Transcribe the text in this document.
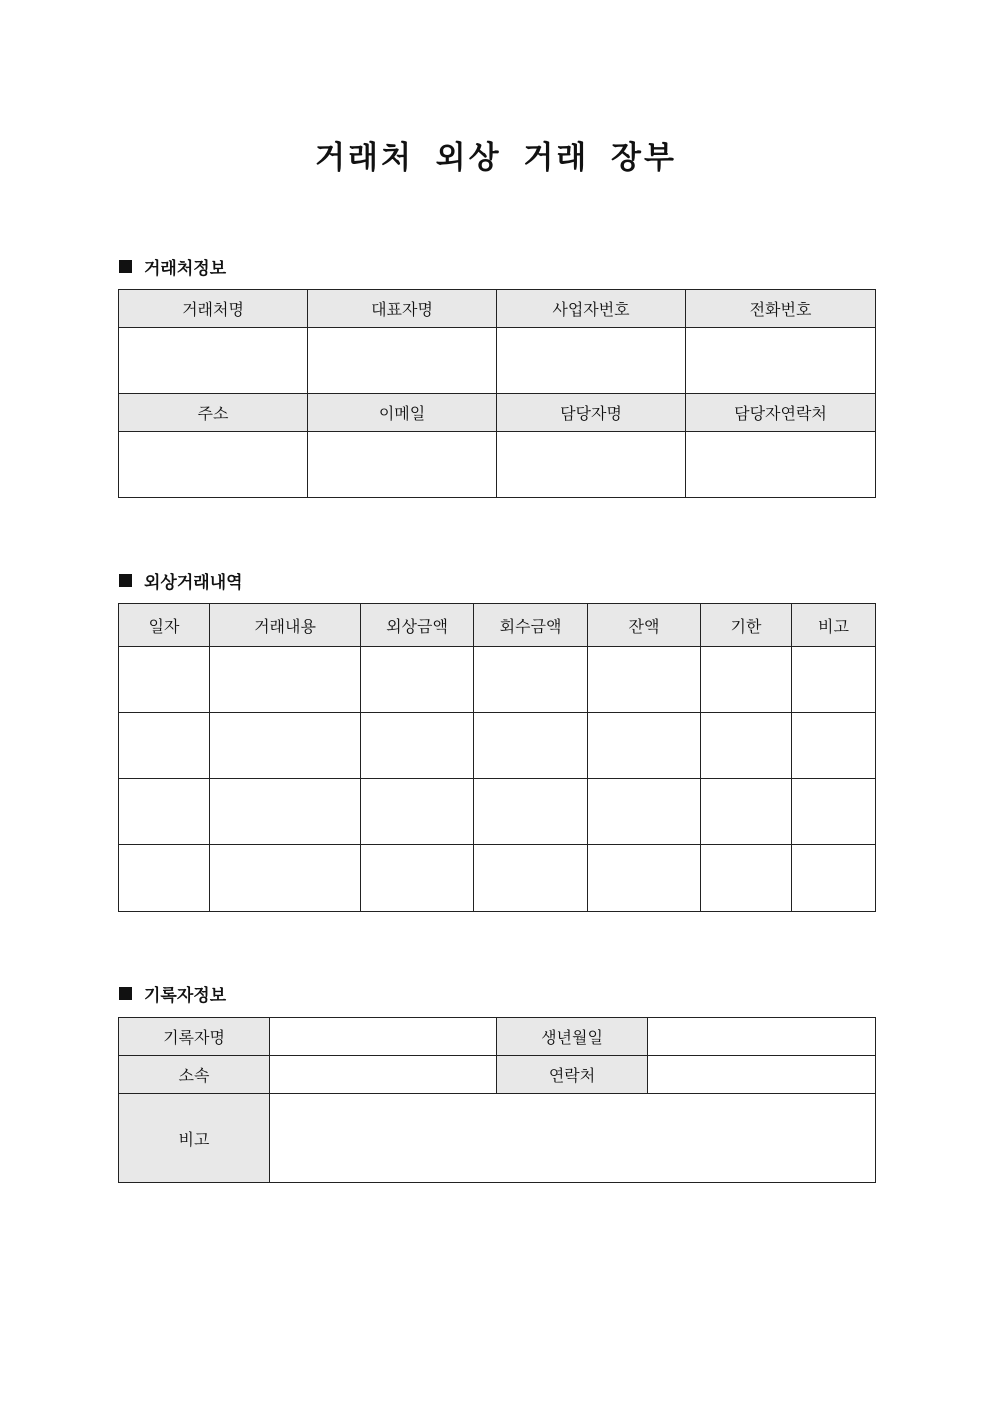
거래처 외상 거래 장부
거래처정보
거래처명	대표자명	사업자번호	전화번호

주소	이메일	담당자명	담당자연락처

외상거래내역
일자	거래내용	외상금액	회수금액	잔액	기한	비고

기록자정보
기록자명		생년월일	
소속		연락처	
비고			
